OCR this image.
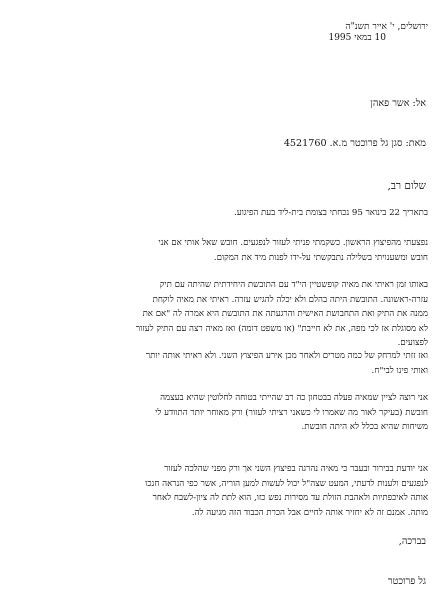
ירושלים, י' אייר תשנ"ה
10 במאי 1995
אל: אשר פאהן
מאת: סגן גל פרוכטר מ.א. 4521760
שלום רב,
בתאריך 22 בינואר 95 נכחתי בצומת בית-ליד בעת הפיגוע.
נפצעתי מהפיצוץ הראשון. כשקמתי פניתי לעזור לנפגעים. חובש שאל אותי אם אני
חובש ומשענויתי בשלילה נתבקשתי על-ידו לפנות מיד את המקום.
באותו זמן ראיתי את מאיה קופשטיין הי"ד עם התובשת היחידתית שהיתה עם תיק
עזרה-ראשונה. התובשת היתה בהלם ולא יכלה להגיש עזרה. ראיתי את מאיה לוקחת
ממנה את התיק ואת התחבושת האישית והרגעתה את התובשת היא אמרה לה "אם את
לא מסוגלת אז לכי מפה, את לא חייבת" (או משפט דומה) ואז מאיה רצה עם התיק לעזור
לפצועים.
ואז זזתי למרחק של כמה מטרים ולאחר מכן אירע הפיצוץ השני. ולא ראיתי אותה יותר
ואותי פינו לבי"ח.
אני רוצה לציין שמאיה פעלה בבטחון כה רב שהייתי בטוחה לחלוטין שהיא בעצמה
חובשת (בעיקר לאור מה שאמרו לי כשאני רציתי לעזור) ורק מאוחר יותר התוודע לי
משיחות שהיא בכלל לא היתה חובשת.
אני יודעת בבירור ובעבר כי מאיה נהרגה בפיצוץ השני אך ורק מפני שהלכה לעזור
לנפגעים ולענות לדעתי, המעט שצה"ל יכול לעשות למען הוריה, אשר כפי הנראה חנכו
אותה לאיכפתיות ולאהבת הזולת עד מסירות נפש כזו, הוא לתת לה ציון-לשבח לאחר
מותה. אמנם זה לא יחזיר אותה לחיים אבל הכרת הכבוד הזה מגיעה לה.
בברכה,
גל פרוכטר
